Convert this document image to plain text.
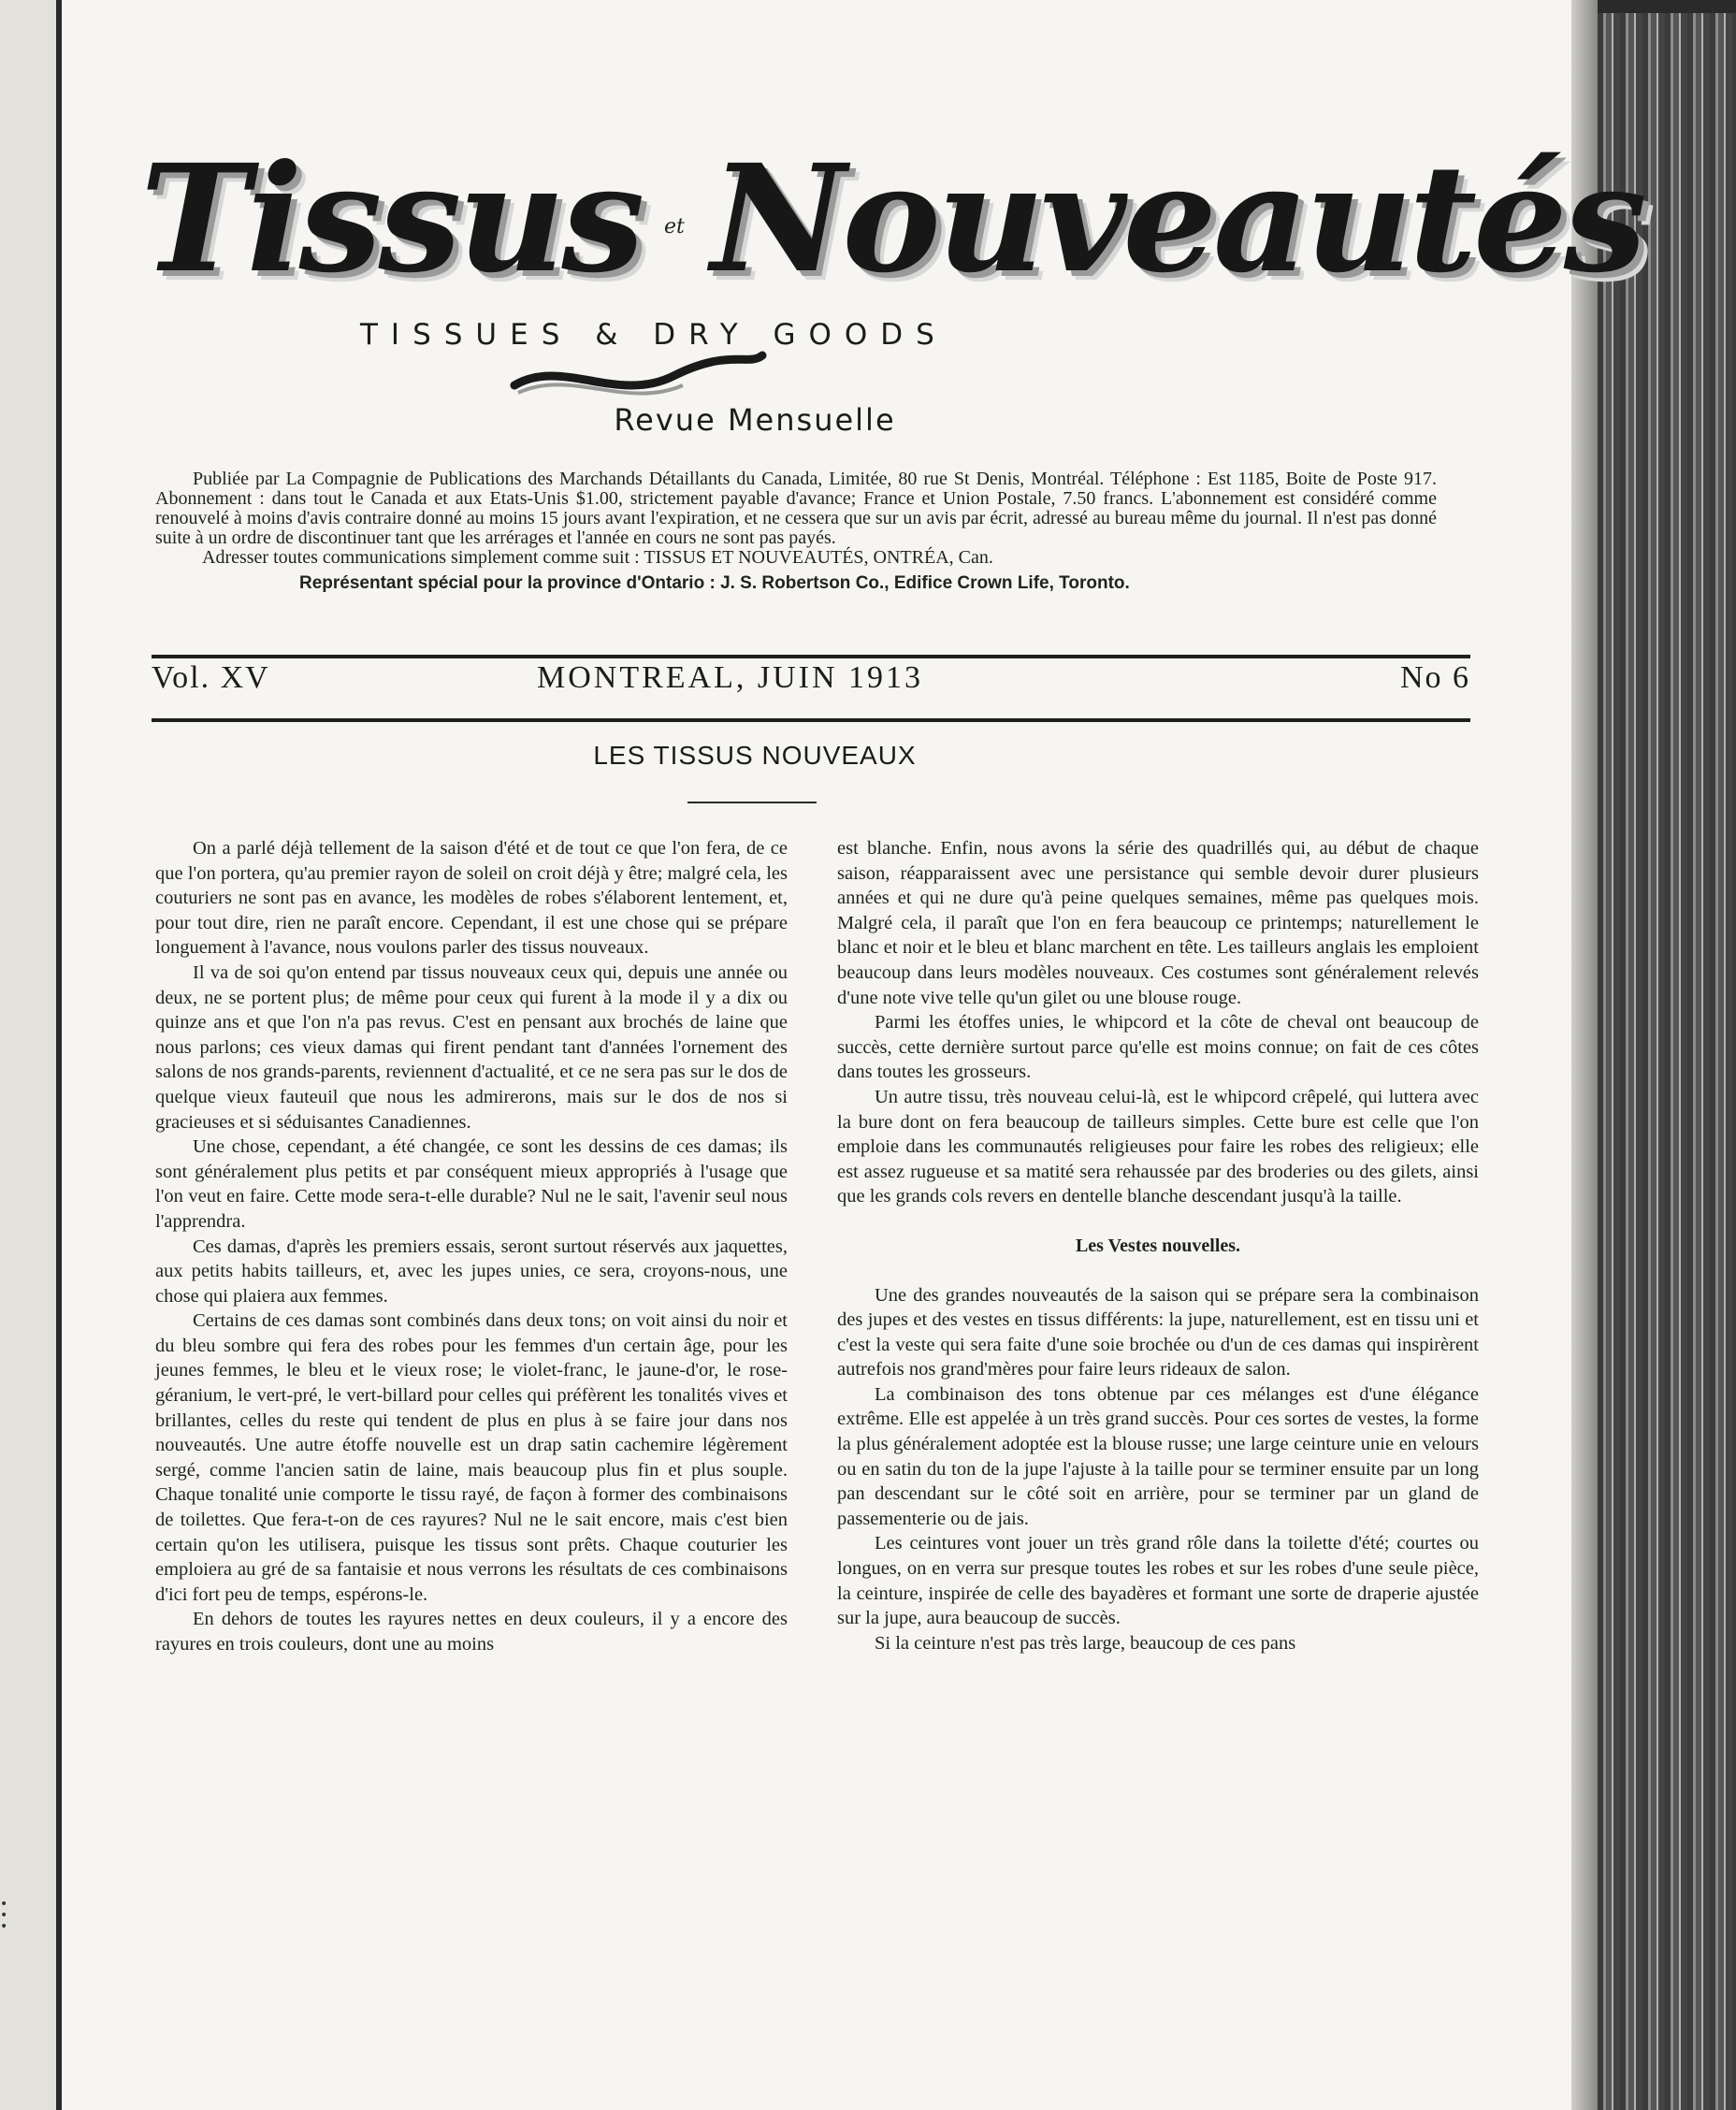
Tissus et Nouveautés
TISSUES & DRY GOODS
Revue Mensuelle

Publiée par La Compagnie de Publications des Marchands Détaillants du Canada, Limitée, 80 rue St Denis, Montréal. Téléphone : Est 1185, Boite de Poste 917. Abonnement : dans tout le Canada et aux Etats-Unis $1.00, strictement payable d'avance; France et Union Postale, 7.50 francs. L'abonnement est considéré comme renouvelé à moins d'avis contraire donné au moins 15 jours avant l'expiration, et ne cessera que sur un avis par écrit, adressé au bureau même du journal. Il n'est pas donné suite à un ordre de discontinuer tant que les arrérages et l'année en cours ne sont pas payés.

Adresser toutes communications simplement comme suit : TISSUS ET NOUVEAUTÉS, ONTRÉA, Can.

Représentant spécial pour la province d'Ontario : J. S. Robertson Co., Edifice Crown Life, Toronto.

Vol. XV	MONTREAL, JUIN 1913	No 6
LES TISSUS NOUVEAUX

On a parlé déjà tellement de la saison d'été et de tout ce que l'on fera, de ce que l'on portera, qu'au premier rayon de soleil on croit déjà y être; malgré cela, les couturiers ne sont pas en avance, les modèles de robes s'élaborent lentement, et, pour tout dire, rien ne paraît encore. Cependant, il est une chose qui se prépare longuement à l'avance, nous voulons parler des tissus nouveaux.

Il va de soi qu'on entend par tissus nouveaux ceux qui, depuis une année ou deux, ne se portent plus; de même pour ceux qui furent à la mode il y a dix ou quinze ans et que l'on n'a pas revus. C'est en pensant aux brochés de laine que nous parlons; ces vieux damas qui firent pendant tant d'années l'ornement des salons de nos grands-parents, reviennent d'actualité, et ce ne sera pas sur le dos de quelque vieux fauteuil que nous les admirerons, mais sur le dos de nos si gracieuses et si séduisantes Canadiennes.

Une chose, cependant, a été changée, ce sont les dessins de ces damas; ils sont généralement plus petits et par conséquent mieux appropriés à l'usage que l'on veut en faire. Cette mode sera-t-elle durable? Nul ne le sait, l'avenir seul nous l'apprendra.

Ces damas, d'après les premiers essais, seront surtout réservés aux jaquettes, aux petits habits tailleurs, et, avec les jupes unies, ce sera, croyons-nous, une chose qui plaiera aux femmes.

Certains de ces damas sont combinés dans deux tons; on voit ainsi du noir et du bleu sombre qui fera des robes pour les femmes d'un certain âge, pour les jeunes femmes, le bleu et le vieux rose; le violet-franc, le jaune-d'or, le rose-géranium, le vert-pré, le vert-billard pour celles qui préfèrent les tonalités vives et brillantes, celles du reste qui tendent de plus en plus à se faire jour dans nos nouveautés. Une autre étoffe nouvelle est un drap satin cachemire légèrement sergé, comme l'ancien satin de laine, mais beaucoup plus fin et plus souple. Chaque tonalité unie comporte le tissu rayé, de façon à former des combinaisons de toilettes. Que fera-t-on de ces rayures? Nul ne le sait encore, mais c'est bien certain qu'on les utilisera, puisque les tissus sont prêts. Chaque couturier les emploiera au gré de sa fantaisie et nous verrons les résultats de ces combinaisons d'ici fort peu de temps, espérons-le.

En dehors de toutes les rayures nettes en deux couleurs, il y a encore des rayures en trois couleurs, dont une au moins

est blanche. Enfin, nous avons la série des quadrillés qui, au début de chaque saison, réapparaissent avec une persistance qui semble devoir durer plusieurs années et qui ne dure qu'à peine quelques semaines, même pas quelques mois. Malgré cela, il paraît que l'on en fera beaucoup ce printemps; naturellement le blanc et noir et le bleu et blanc marchent en tête. Les tailleurs anglais les emploient beaucoup dans leurs modèles nouveaux. Ces costumes sont généralement relevés d'une note vive telle qu'un gilet ou une blouse rouge.

Parmi les étoffes unies, le whipcord et la côte de cheval ont beaucoup de succès, cette dernière surtout parce qu'elle est moins connue; on fait de ces côtes dans toutes les grosseurs.

Un autre tissu, très nouveau celui-là, est le whipcord crêpelé, qui luttera avec la bure dont on fera beaucoup de tailleurs simples. Cette bure est celle que l'on emploie dans les communautés religieuses pour faire les robes des religieux; elle est assez rugueuse et sa matité sera rehaussée par des broderies ou des gilets, ainsi que les grands cols revers en dentelle blanche descendant jusqu'à la taille.

Les Vestes nouvelles.

Une des grandes nouveautés de la saison qui se prépare sera la combinaison des jupes et des vestes en tissus différents: la jupe, naturellement, est en tissu uni et c'est la veste qui sera faite d'une soie brochée ou d'un de ces damas qui inspirèrent autrefois nos grand'mères pour faire leurs rideaux de salon.

La combinaison des tons obtenue par ces mélanges est d'une élégance extrême. Elle est appelée à un très grand succès. Pour ces sortes de vestes, la forme la plus généralement adoptée est la blouse russe; une large ceinture unie en velours ou en satin du ton de la jupe l'ajuste à la taille pour se terminer ensuite par un long pan descendant sur le côté soit en arrière, pour se terminer par un gland de passementerie ou de jais.

Les ceintures vont jouer un très grand rôle dans la toilette d'été; courtes ou longues, on en verra sur presque toutes les robes et sur les robes d'une seule pièce, la ceinture, inspirée de celle des bayadères et formant une sorte de draperie ajustée sur la jupe, aura beaucoup de succès.

Si la ceinture n'est pas très large, beaucoup de ces pans

•
•
•
